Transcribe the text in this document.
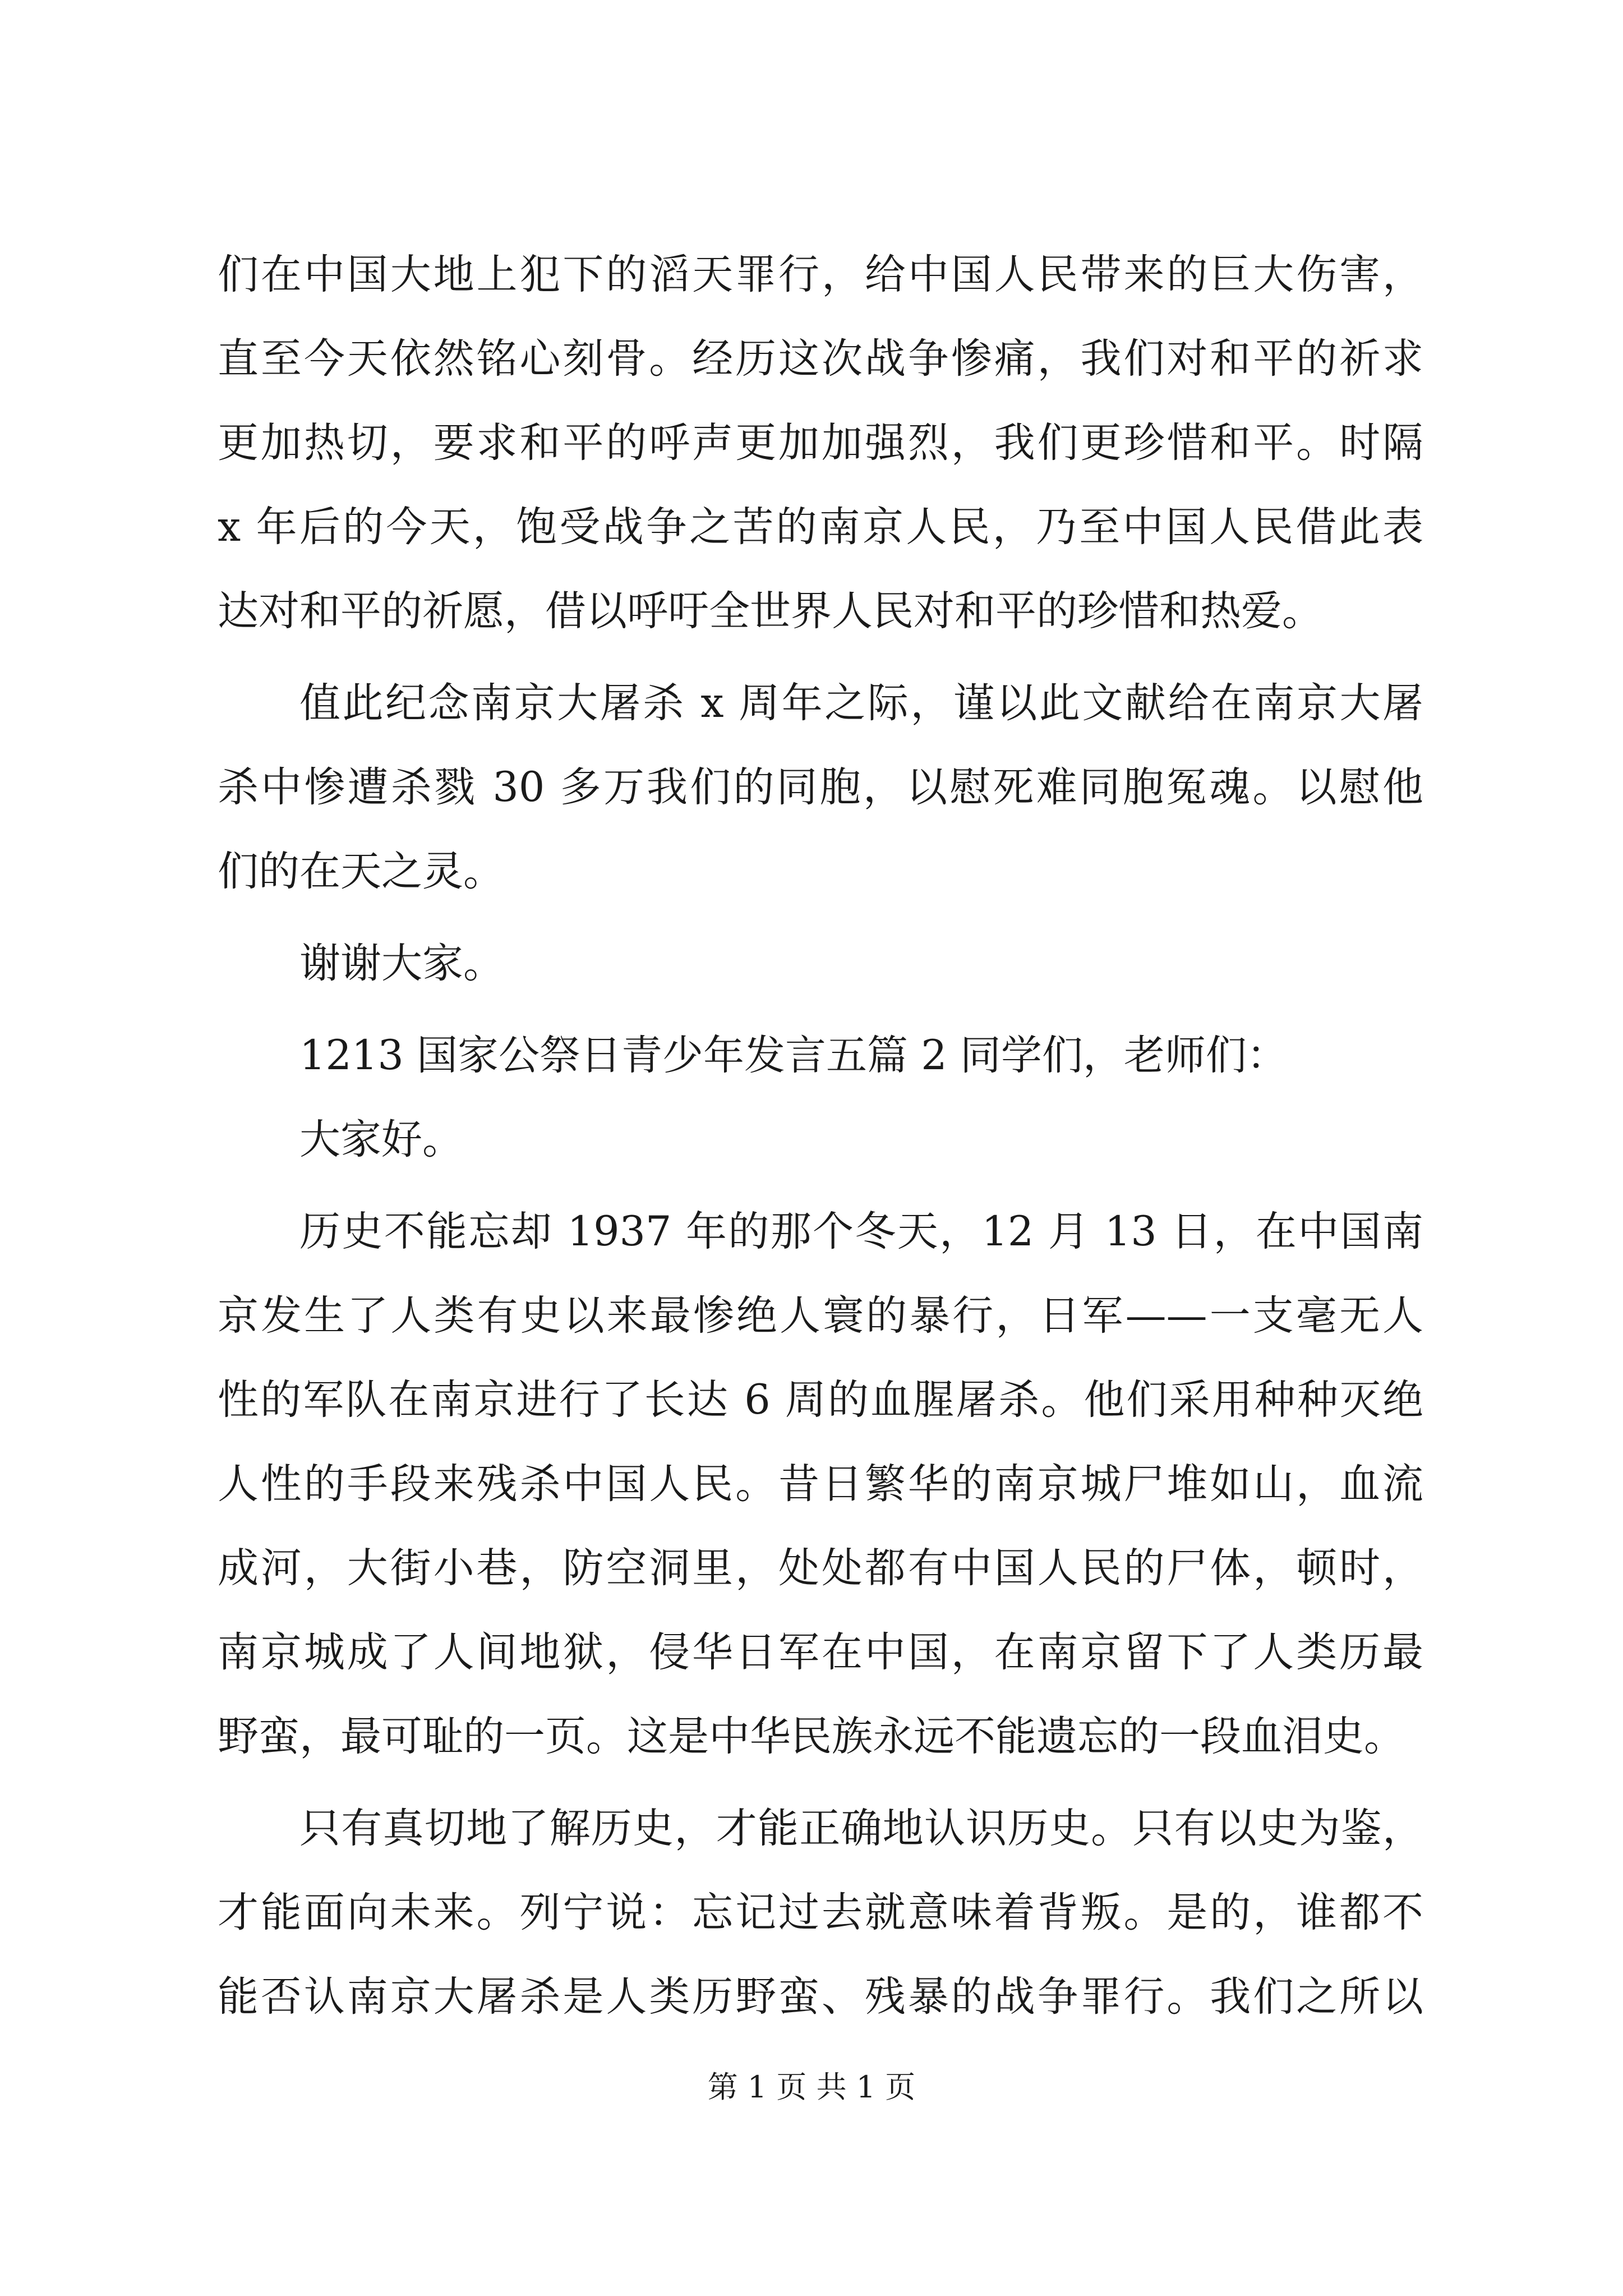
们在中国大地上犯下的滔天罪行，给中国人民带来的巨大伤害，
直至今天依然铭心刻骨。经历这次战争惨痛，我们对和平的祈求
更加热切，要求和平的呼声更加加强烈，我们更珍惜和平。时隔
x 年后的今天，饱受战争之苦的南京人民，乃至中国人民借此表
达对和平的祈愿，借以呼吁全世界人民对和平的珍惜和热爱。
值此纪念南京大屠杀 x 周年之际，谨以此文献给在南京大屠
杀中惨遭杀戮 30 多万我们的同胞，以慰死难同胞冤魂。以慰他
们的在天之灵。
谢谢大家。
1213 国家公祭日青少年发言五篇 2 同学们，老师们：
大家好。
历史不能忘却 1937 年的那个冬天，12 月 13 日，在中国南
京发生了人类有史以来最惨绝人寰的暴行，日军——一支毫无人
性的军队在南京进行了长达 6 周的血腥屠杀。他们采用种种灭绝
人性的手段来残杀中国人民。昔日繁华的南京城尸堆如山，血流
成河，大街小巷，防空洞里，处处都有中国人民的尸体，顿时，
南京城成了人间地狱，侵华日军在中国，在南京留下了人类历最
野蛮，最可耻的一页。这是中华民族永远不能遗忘的一段血泪史。
只有真切地了解历史，才能正确地认识历史。只有以史为鉴，
才能面向未来。列宁说：忘记过去就意味着背叛。是的，谁都不
能否认南京大屠杀是人类历野蛮、残暴的战争罪行。我们之所以
第 1 页 共 1 页
